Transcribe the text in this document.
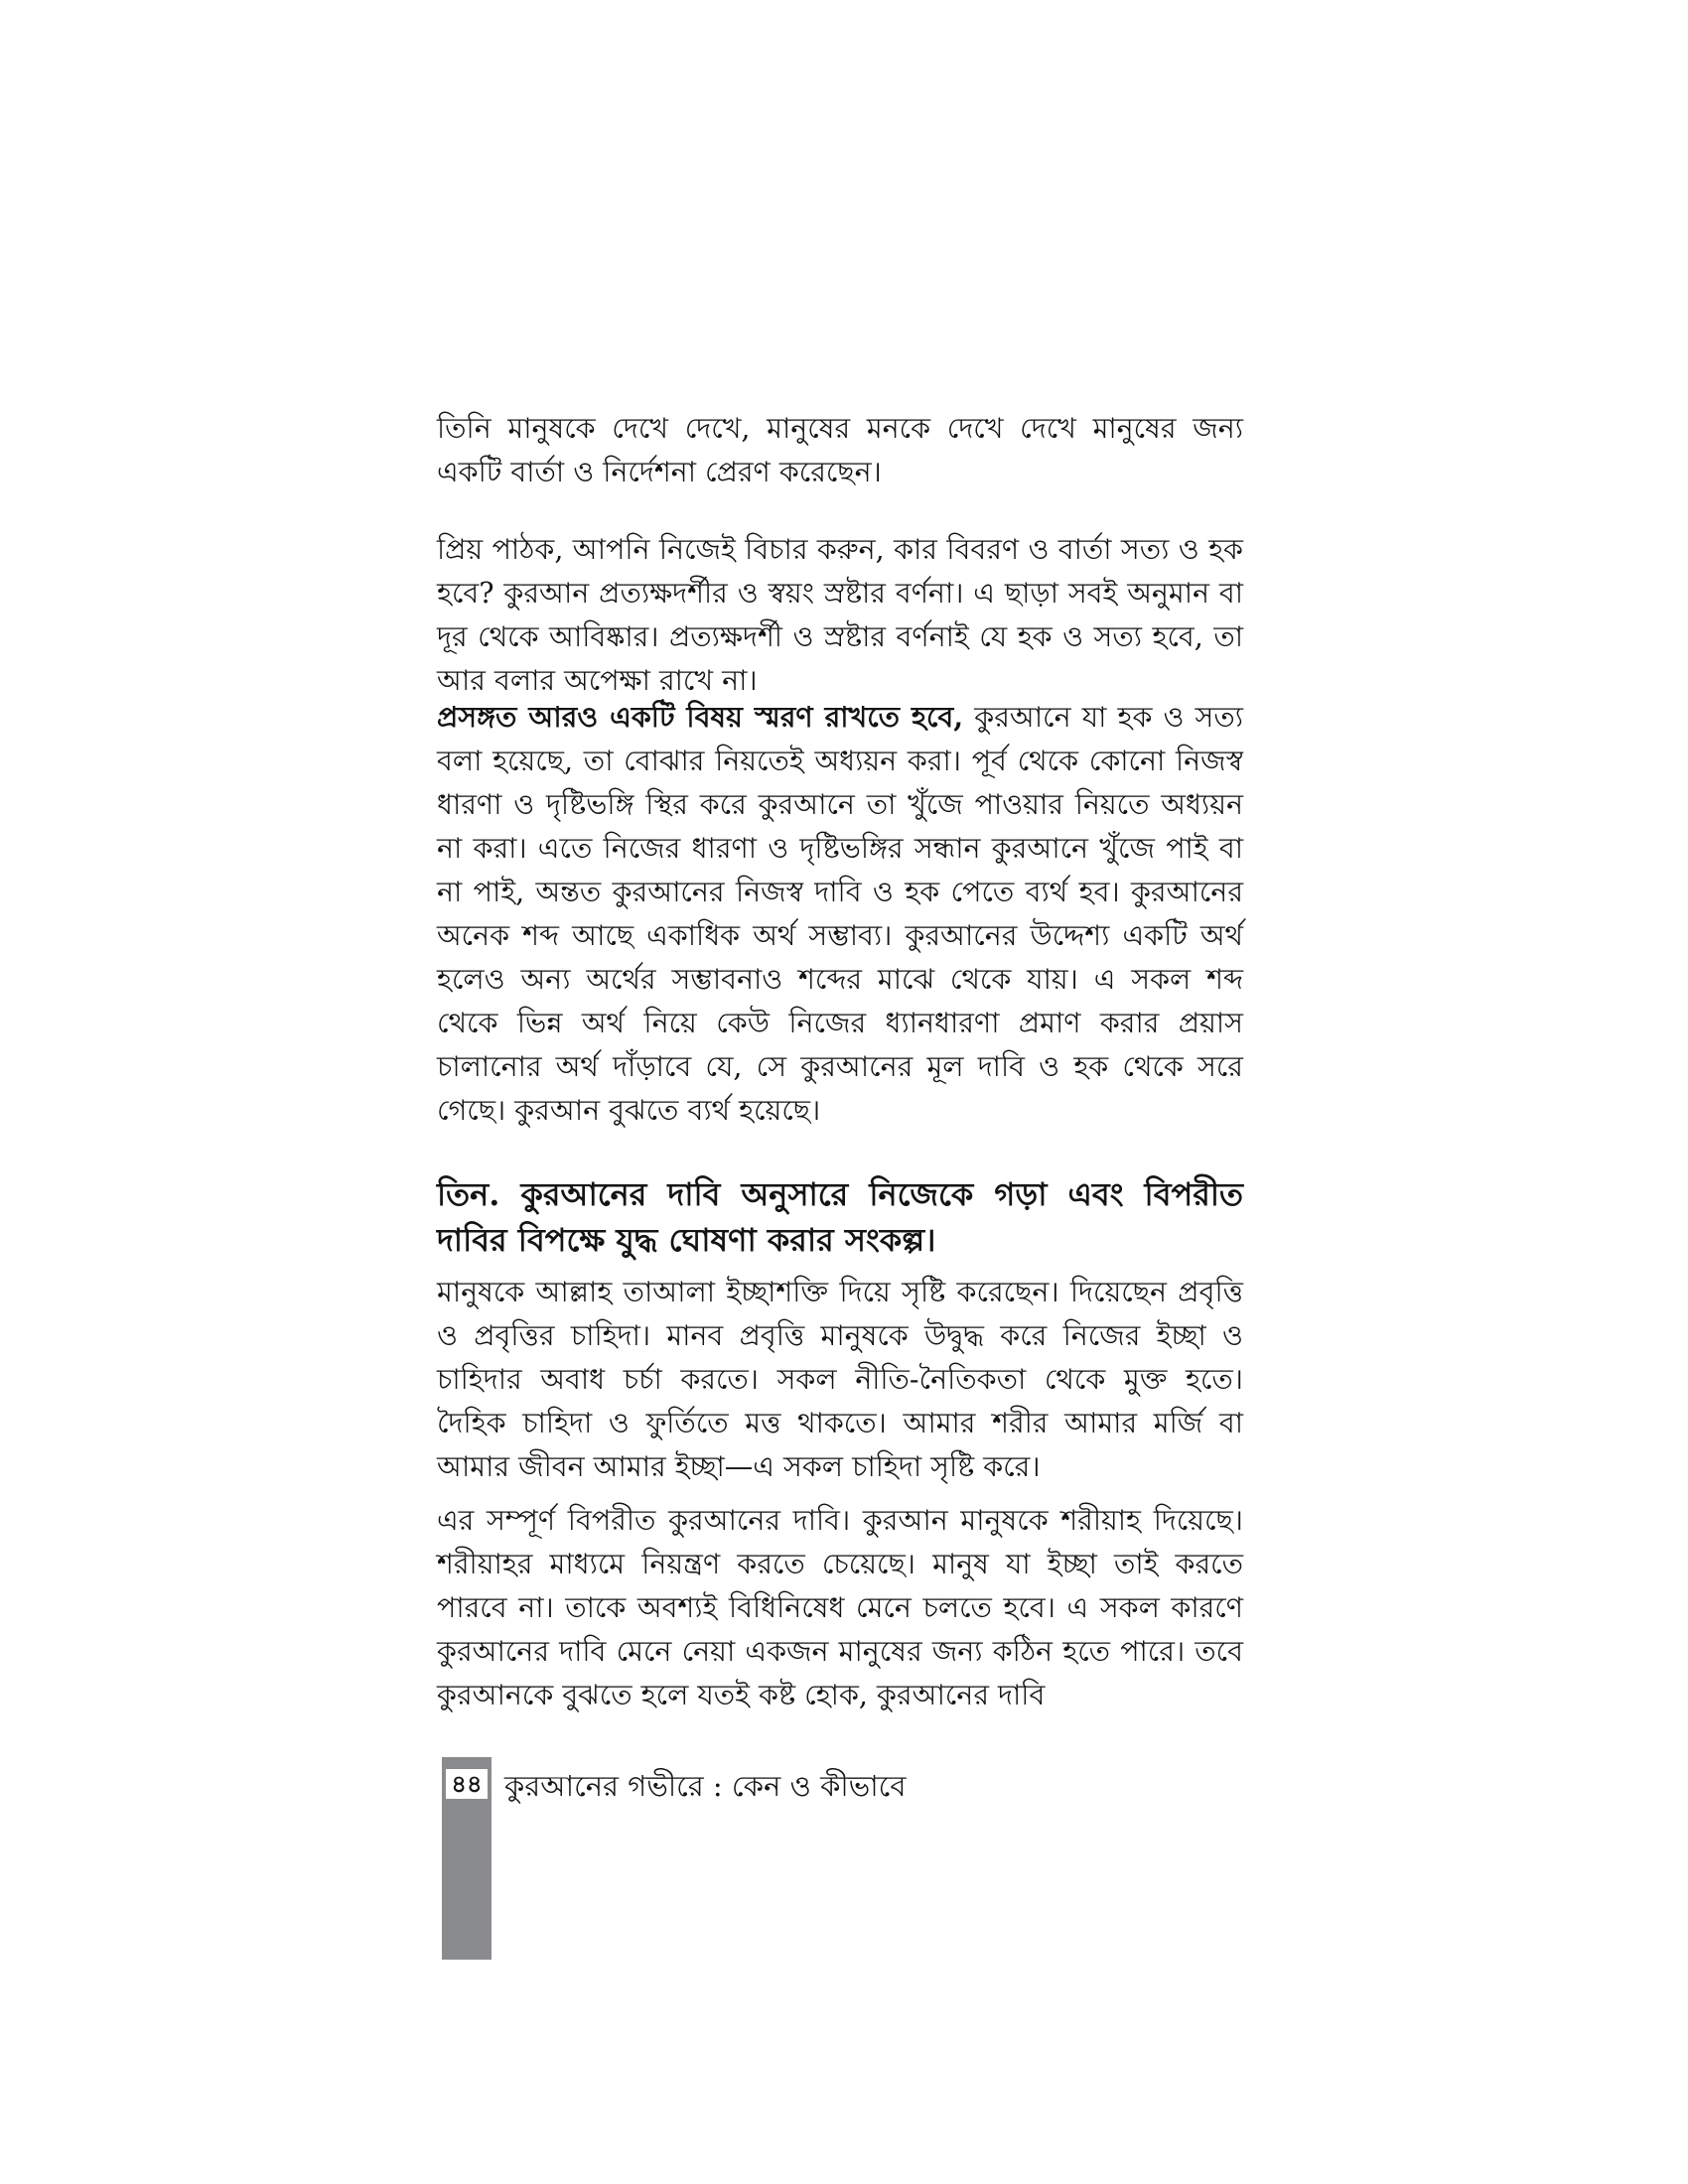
তিনি মানুষকে দেখে দেখে, মানুষের মনকে দেখে দেখে মানুষের জন্য একটি বার্তা ও নির্দেশনা প্রেরণ করেছেন।

প্রিয় পাঠক, আপনি নিজেই বিচার করুন, কার বিবরণ ও বার্তা সত্য ও হক হবে? কুরআন প্রত্যক্ষদর্শীর ও স্বয়ং স্রষ্টার বর্ণনা। এ ছাড়া সবই অনুমান বা দূর থেকে আবিষ্কার। প্রত্যক্ষদর্শী ও স্রষ্টার বর্ণনাই যে হক ও সত্য হবে, তা আর বলার অপেক্ষা রাখে না।

প্রসঙ্গত আরও একটি বিষয় স্মরণ রাখতে হবে, কুরআনে যা হক ও সত্য বলা হয়েছে, তা বোঝার নিয়তেই অধ্যয়ন করা। পূর্ব থেকে কোনো নিজস্ব ধারণা ও দৃষ্টিভঙ্গি স্থির করে কুরআনে তা খুঁজে পাওয়ার নিয়তে অধ্যয়ন না করা। এতে নিজের ধারণা ও দৃষ্টিভঙ্গির সন্ধান কুরআনে খুঁজে পাই বা না পাই, অন্তত কুরআনের নিজস্ব দাবি ও হক পেতে ব্যর্থ হব। কুরআনের অনেক শব্দ আছে একাধিক অর্থ সম্ভাব্য। কুরআনের উদ্দেশ্য একটি অর্থ হলেও অন্য অর্থের সম্ভাবনাও শব্দের মাঝে থেকে যায়। এ সকল শব্দ থেকে ভিন্ন অর্থ নিয়ে কেউ নিজের ধ্যানধারণা প্রমাণ করার প্রয়াস চালানোর অর্থ দাঁড়াবে যে, সে কুরআনের মূল দাবি ও হক থেকে সরে গেছে। কুরআন বুঝতে ব্যর্থ হয়েছে।

তিন. কুরআনের দাবি অনুসারে নিজেকে গড়া এবং বিপরীত দাবির বিপক্ষে যুদ্ধ ঘোষণা করার সংকল্প।

মানুষকে আল্লাহ তাআলা ইচ্ছাশক্তি দিয়ে সৃষ্টি করেছেন। দিয়েছেন প্রবৃত্তি ও প্রবৃত্তির চাহিদা। মানব প্রবৃত্তি মানুষকে উদ্বুদ্ধ করে নিজের ইচ্ছা ও চাহিদার অবাধ চর্চা করতে। সকল নীতি-নৈতিকতা থেকে মুক্ত হতে। দৈহিক চাহিদা ও ফুর্তিতে মত্ত থাকতে। আমার শরীর আমার মর্জি বা আমার জীবন আমার ইচ্ছা—এ সকল চাহিদা সৃষ্টি করে।

এর সম্পূর্ণ বিপরীত কুরআনের দাবি। কুরআন মানুষকে শরীয়াহ দিয়েছে। শরীয়াহর মাধ্যমে নিয়ন্ত্রণ করতে চেয়েছে। মানুষ যা ইচ্ছা তাই করতে পারবে না। তাকে অবশ্যই বিধিনিষেধ মেনে চলতে হবে। এ সকল কারণে কুরআনের দাবি মেনে নেয়া একজন মানুষের জন্য কঠিন হতে পারে। তবে কুরআনকে বুঝতে হলে যতই কষ্ট হোক, কুরআনের দাবি

৪৪ কুরআনের গভীরে : কেন ও কীভাবে
